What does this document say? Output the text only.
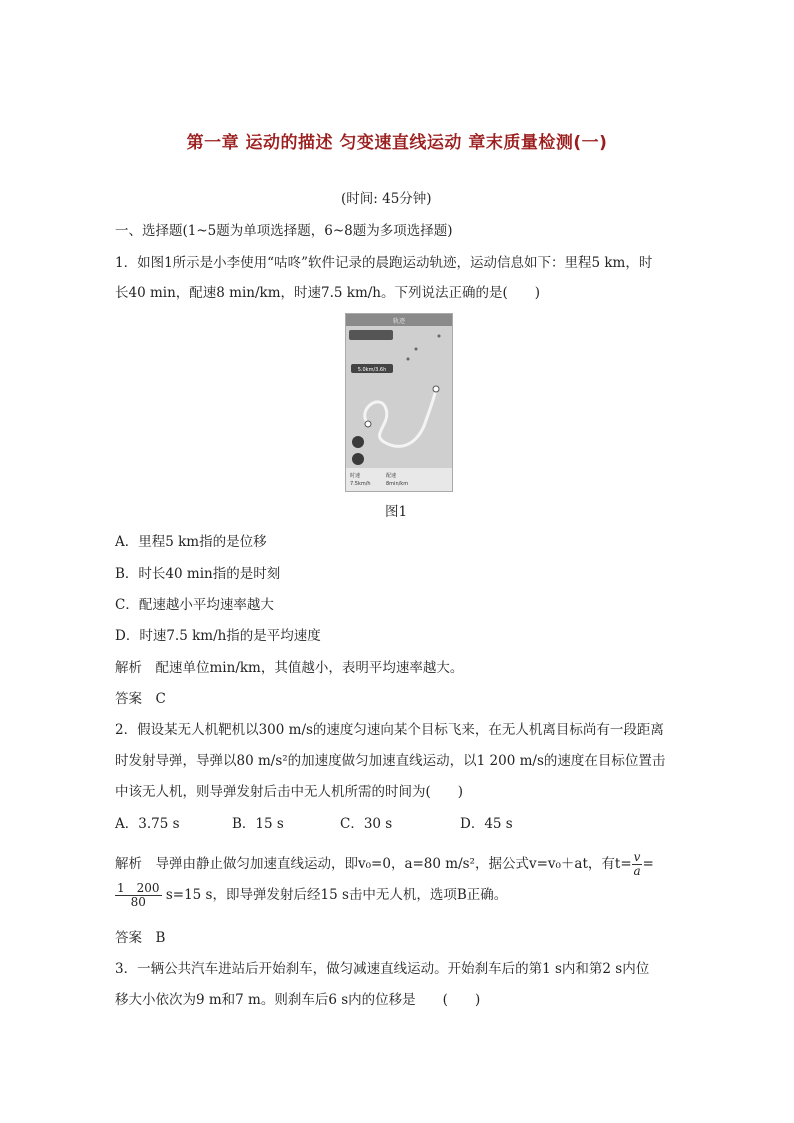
第一章 运动的描述 匀变速直线运动 章末质量检测(一)
(时间: 45分钟)
一、选择题(1~5题为单项选择题，6~8题为多项选择题)
1．如图1所示是小李使用“咕咚”软件记录的晨跑运动轨迹，运动信息如下：里程5 km，时
长40 min，配速8 min/km，时速7.5 km/h。下列说法正确的是(　　)
轨迹
5.0km/3.6h
时速
7.5km/h
配速
8min/km
图1
A．里程5 km指的是位移
B．时长40 min指的是时刻
C．配速越小平均速率越大
D．时速7.5 km/h指的是平均速度
解析　配速单位min/km，其值越小，表明平均速率越大。
答案　C
2．假设某无人机靶机以300 m/s的速度匀速向某个目标飞来，在无人机离目标尚有一段距离
时发射导弹，导弹以80 m/s²的加速度做匀加速直线运动，以1 200 m/s的速度在目标位置击
中该无人机，则导弹发射后击中无人机所需的时间为(　　)
A．3.75 s	B．15 s	C．30 s	D．45 s
解析　导弹由静止做匀加速直线运动，即v₀=0，a=80 m/s²，据公式v=v₀＋at，有$t= \frac{v}{a}$ =
$\frac{1 200}{80} s=15$ s，即导弹发射后经15 s击中无人机，选项B正确。
答案　B
3．一辆公共汽车进站后开始刹车，做匀减速直线运动。开始刹车后的第1 s内和第2 s内位
移大小依次为9 m和7 m。则刹车后6 s内的位移是　　(　　)
